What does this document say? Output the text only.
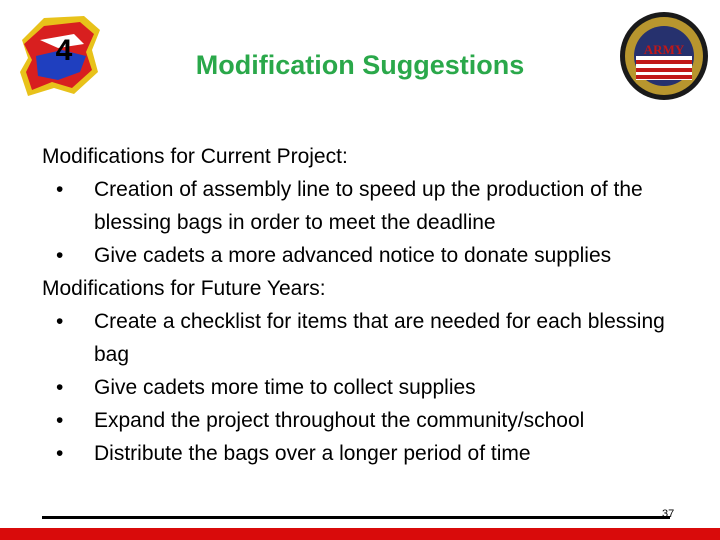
4	Modification Suggestions
ARMY
Modifications for Current Project:
• Creation of assembly line to speed up the production of the blessing bags in order to meet the deadline
• Give cadets a more advanced notice to donate supplies
Modifications for Future Years:
• Create a checklist for items that are needed for each blessing bag
• Give cadets more time to collect supplies
• Expand the project throughout the community/school
• Distribute the bags over a longer period of time
37
